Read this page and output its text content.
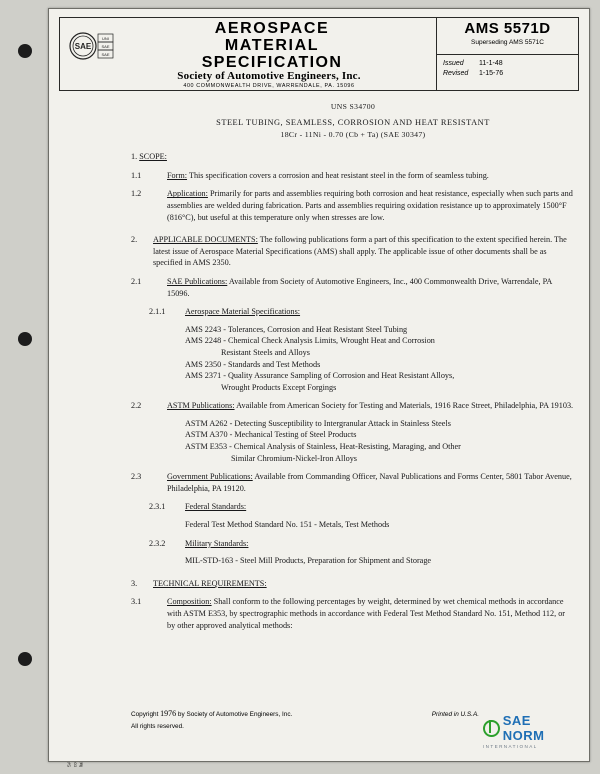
SAE
UNI
SAE
SAE
AEROSPACE
MATERIAL
SPECIFICATION
Society of Automotive Engineers, Inc.
400 COMMONWEALTH DRIVE, WARRENDALE, PA. 15096
AMS 5571D
Superseding AMS 5571C
Issued 11-1-48
Revised 1-15-76
UNS S34700
STEEL TUBING, SEAMLESS, CORROSION AND HEAT RESISTANT
18Cr - 11Ni - 0.70 (Cb + Ta) (SAE 30347)
1. SCOPE:
1.1	Form: This specification covers a corrosion and heat resistant steel in the form of seamless tubing.
1.2	Application: Primarily for parts and assemblies requiring both corrosion and heat resistance, especially when such parts and assemblies are welded during fabrication. Parts and assemblies requiring oxidation resistance up to approximately 1500°F (816°C), but useful at this temperature only when stresses are low.
2. APPLICABLE DOCUMENTS: The following publications form a part of this specification to the extent specified herein. The latest issue of Aerospace Material Specifications (AMS) shall apply. The applicable issue of other documents shall be as specified in AMS 2350.
2.1	SAE Publications: Available from Society of Automotive Engineers, Inc., 400 Commonwealth Drive, Warrendale, PA 15096.
2.1.1 Aerospace Material Specifications:
AMS 2243 - Tolerances, Corrosion and Heat Resistant Steel Tubing
AMS 2248 - Chemical Check Analysis Limits, Wrought Heat and Corrosion
Resistant Steels and Alloys
AMS 2350 - Standards and Test Methods
AMS 2371 - Quality Assurance Sampling of Corrosion and Heat Resistant Alloys,
Wrought Products Except Forgings
2.2	ASTM Publications: Available from American Society for Testing and Materials, 1916 Race Street, Philadelphia, PA 19103.
ASTM A262 - Detecting Susceptibility to Intergranular Attack in Stainless Steels
ASTM A370 - Mechanical Testing of Steel Products
ASTM E353 - Chemical Analysis of Stainless, Heat-Resisting, Maraging, and Other
Similar Chromium-Nickel-Iron Alloys
2.3	Government Publications: Available from Commanding Officer, Naval Publications and Forms Center, 5801 Tabor Avenue, Philadelphia, PA 19120.
2.3.1 Federal Standards:
Federal Test Method Standard No. 151 - Metals, Test Methods
2.3.2 Military Standards:
MIL-STD-163 - Steel Mill Products, Preparation for Shipment and Storage
3. TECHNICAL REQUIREMENTS:
3.1	Composition: Shall conform to the following percentages by weight, determined by wet chemical methods in accordance with ASTM E353, by spectrographic methods in accordance with Federal Test Method Standard No. 151, Method 112, or by other approved analytical methods:
Copyright 1976 by Society of Automotive Engineers, Inc.
All rights reserved.
Printed in U.S.A. SAE NORM
INTERNATIONAL
